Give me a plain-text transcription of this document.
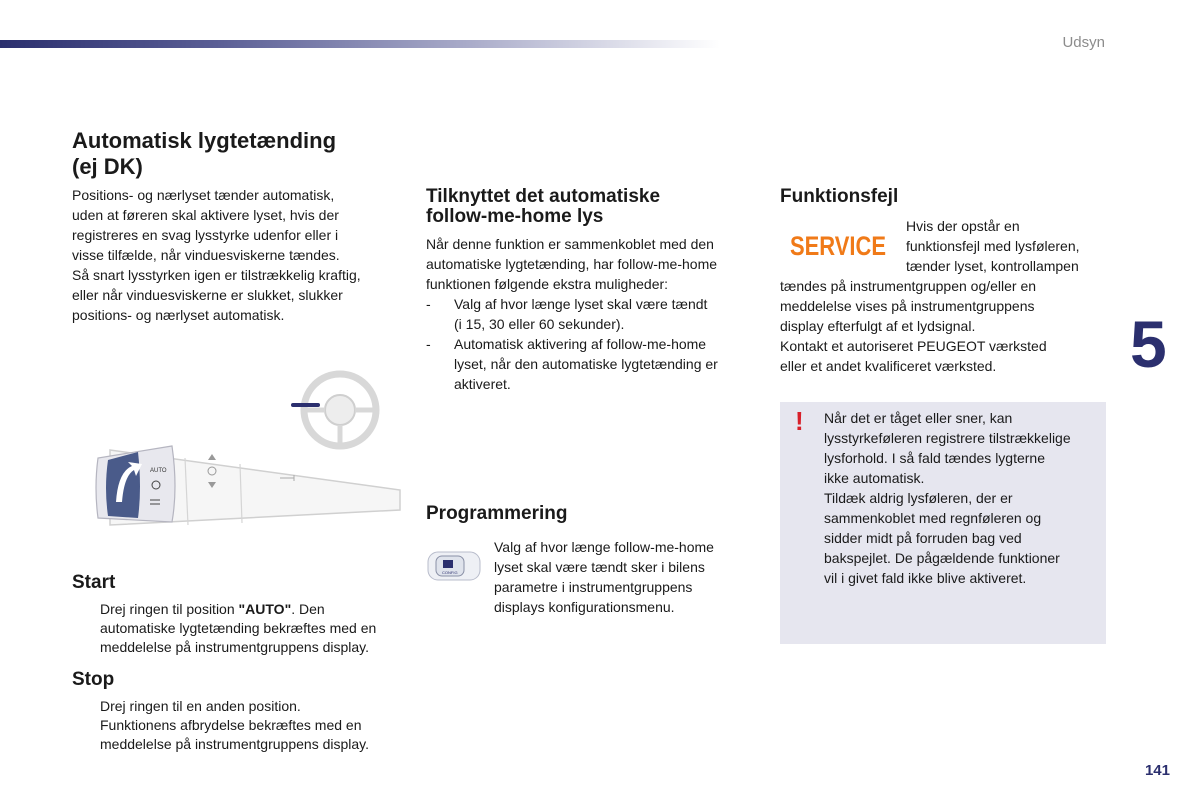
Udsyn
5
141
Automatisk lygtetænding
(ej DK)
Positions- og nærlyset tænder automatisk,
uden at føreren skal aktivere lyset, hvis der
registreres en svag lysstyrke udenfor eller i
visse tilfælde, når vinduesviskerne tændes.
Så snart lysstyrken igen er tilstrækkelig kraftig,
eller når vinduesviskerne er slukket, slukker
positions- og nærlyset automatisk.
AUTO
Start
Drej ringen til position "AUTO". Den
automatiske lygtetænding bekræftes med en
meddelelse på instrumentgruppens display.
Stop
Drej ringen til en anden position.
Funktionens afbrydelse bekræftes med en
meddelelse på instrumentgruppens display.
Tilknyttet det automatiske
follow-me-home lys
Når denne funktion er sammenkoblet med den
automatiske lygtetænding, har follow-me-home
funktionen følgende ekstra muligheder:
- Valg af hvor længe lyset skal være tændt
(i 15, 30 eller 60 sekunder).
- Automatisk aktivering af follow-me-home
lyset, når den automatiske lygtetænding er
aktiveret.
Programmering
CONFIG
Valg af hvor længe follow-me-home
lyset skal være tændt sker i bilens
parametre i instrumentgruppens
displays konfigurationsmenu.
Funktionsfejl
SERVICE
Hvis der opstår en
funktionsfejl med lysføleren,
tænder lyset, kontrollampen
tændes på instrumentgruppen og/eller en
meddelelse vises på instrumentgruppens
display efterfulgt af et lydsignal.
Kontakt et autoriseret PEUGEOT værksted
eller et andet kvalificeret værksted.
! Når det er tåget eller sner, kan
lysstyrkeføleren registrere tilstrækkelige
lysforhold. I så fald tændes lygterne
ikke automatisk.
Tildæk aldrig lysføleren, der er
sammenkoblet med regnføleren og
sidder midt på forruden bag ved
bakspejlet. De pågældende funktioner
vil i givet fald ikke blive aktiveret.
